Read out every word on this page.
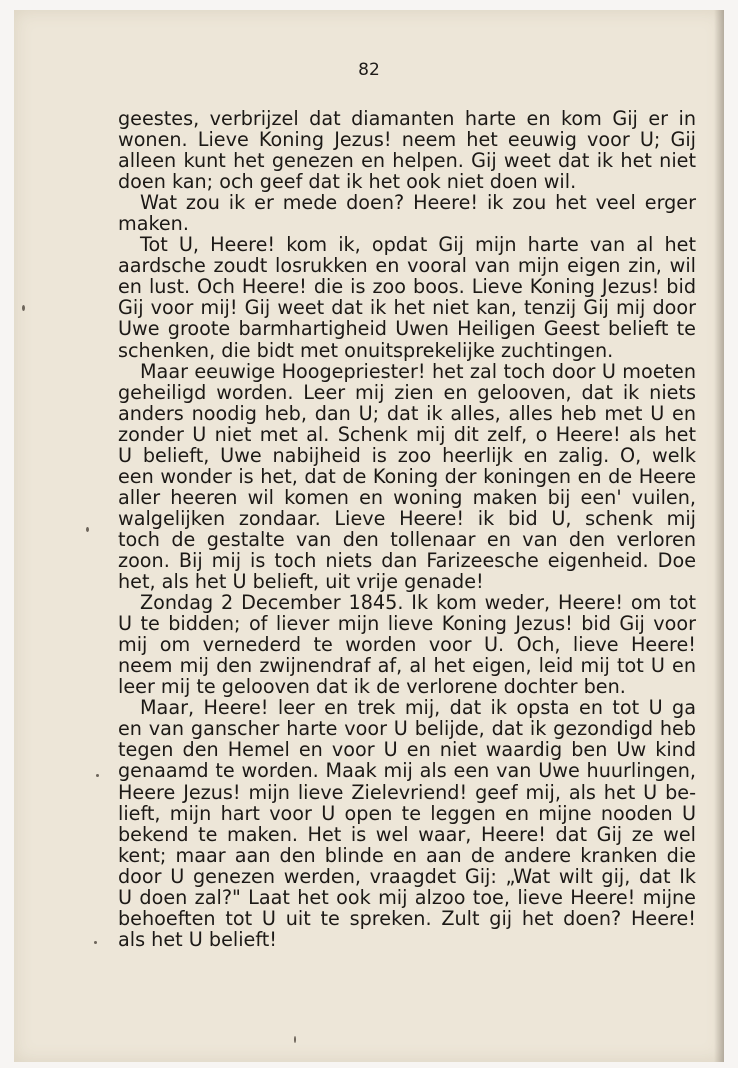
82
geestes, verbrijzel dat diamanten harte en kom Gij er in
wonen. Lieve Koning Jezus! neem het eeuwig voor U; Gij
alleen kunt het genezen en helpen. Gij weet dat ik het niet
doen kan; och geef dat ik het ook niet doen wil.
Wat zou ik er mede doen? Heere! ik zou het veel erger
maken.
Tot U, Heere! kom ik, opdat Gij mijn harte van al het
aardsche zoudt losrukken en vooral van mijn eigen zin, wil
en lust. Och Heere! die is zoo boos. Lieve Koning Jezus! bid
Gij voor mij! Gij weet dat ik het niet kan, tenzij Gij mij door
Uwe groote barmhartigheid Uwen Heiligen Geest belieft te
schenken, die bidt met onuitsprekelijke zuchtingen.
Maar eeuwige Hoogepriester! het zal toch door U moeten
geheiligd worden. Leer mij zien en gelooven, dat ik niets
anders noodig heb, dan U; dat ik alles, alles heb met U en
zonder U niet met al. Schenk mij dit zelf, o Heere! als het
U belieft, Uwe nabijheid is zoo heerlijk en zalig. O, welk
een wonder is het, dat de Koning der koningen en de Heere
aller heeren wil komen en woning maken bij een' vuilen,
walgelijken zondaar. Lieve Heere! ik bid U, schenk mij
toch de gestalte van den tollenaar en van den verloren
zoon. Bij mij is toch niets dan Farizeesche eigenheid. Doe
het, als het U belieft, uit vrije genade!
Zondag 2 December 1845. Ik kom weder, Heere! om tot
U te bidden; of liever mijn lieve Koning Jezus! bid Gij voor
mij om vernederd te worden voor U. Och, lieve Heere!
neem mij den zwijnendraf af, al het eigen, leid mij tot U en
leer mij te gelooven dat ik de verlorene dochter ben.
Maar, Heere! leer en trek mij, dat ik opsta en tot U ga
en van ganscher harte voor U belijde, dat ik gezondigd heb
tegen den Hemel en voor U en niet waardig ben Uw kind
genaamd te worden. Maak mij als een van Uwe huurlingen,
Heere Jezus! mijn lieve Zielevriend! geef mij, als het U be-
lieft, mijn hart voor U open te leggen en mijne nooden U
bekend te maken. Het is wel waar, Heere! dat Gij ze wel
kent; maar aan den blinde en aan de andere kranken die
door U genezen werden, vraagdet Gij: „Wat wilt gij, dat Ik
U doen zal?" Laat het ook mij alzoo toe, lieve Heere! mijne
behoeften tot U uit te spreken. Zult gij het doen? Heere!
als het U belieft!
